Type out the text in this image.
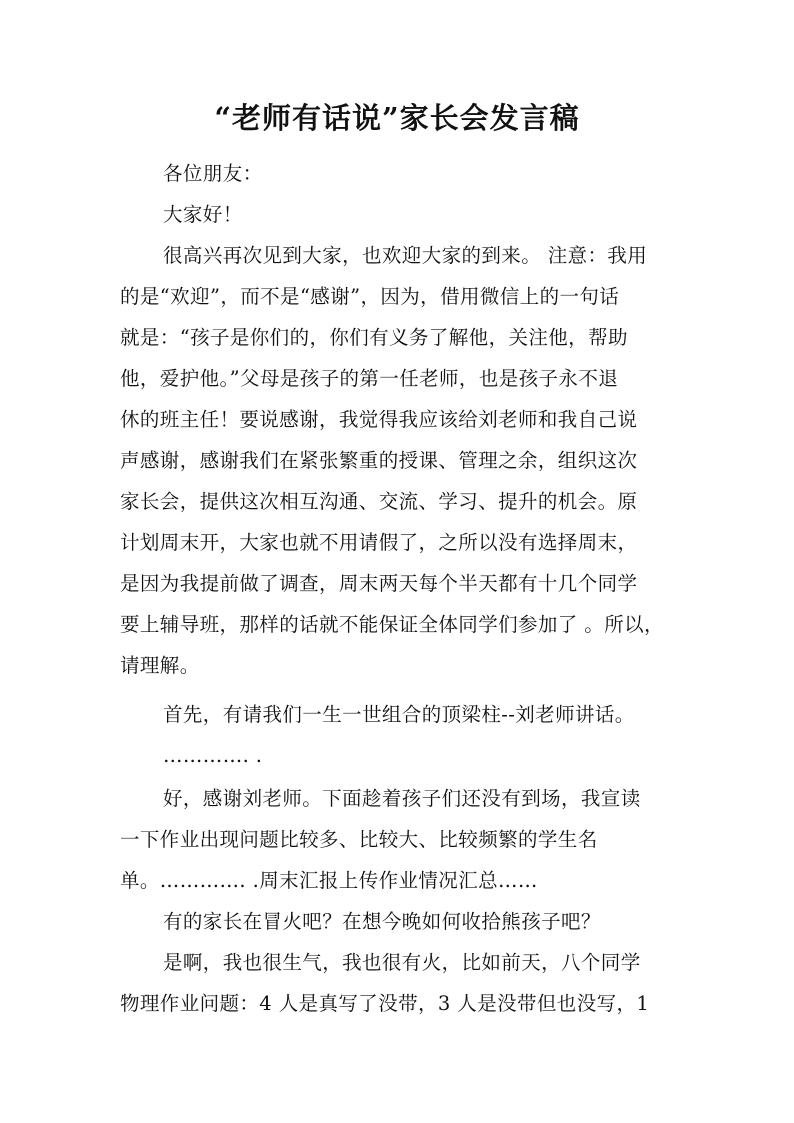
“老师有话说”家长会发言稿
各位朋友：
大家好！
很高兴再次见到大家，也欢迎大家的到来。 注意：我用
的是“欢迎”，而不是“感谢”，因为，借用微信上的一句话
就是：“孩子是你们的，你们有义务了解他，关注他，帮助
他，爱护他。”父母是孩子的第一任老师，也是孩子永不退
休的班主任！要说感谢，我觉得我应该给刘老师和我自己说
声感谢，感谢我们在紧张繁重的授课、管理之余，组织这次
家长会，提供这次相互沟通、交流、学习、提升的机会。原
计划周末开，大家也就不用请假了，之所以没有选择周末，
是因为我提前做了调查，周末两天每个半天都有十几个同学
要上辅导班，那样的话就不能保证全体同学们参加了 。所以，
请理解。
首先，有请我们一生一世组合的顶梁柱--刘老师讲话。
…………. .
好，感谢刘老师。下面趁着孩子们还没有到场，我宣读
一下作业出现问题比较多、比较大、比较频繁的学生名
单。…………. .周末汇报上传作业情况汇总……
有的家长在冒火吧？在想今晚如何收拾熊孩子吧？
是啊，我也很生气，我也很有火，比如前天，八个同学
物理作业问题：4 人是真写了没带，3 人是没带但也没写，1
